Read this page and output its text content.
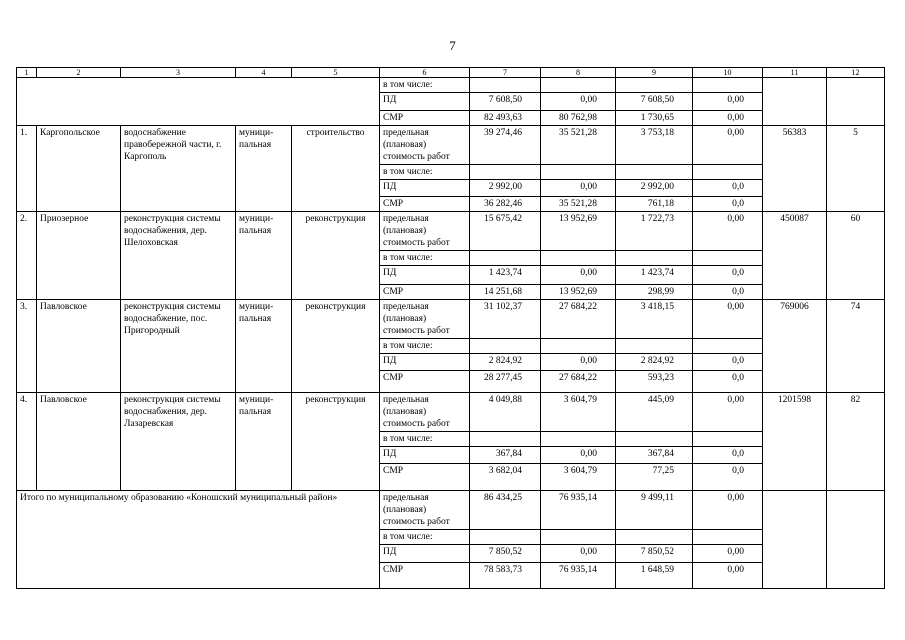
7
1	2	3	4	5	6	7	8	9	10	11	12
					в том числе:						
					ПД	7 608,50	0,00	7 608,50	0,00		
					СМР	82 493,63	80 762,98	1 730,65	0,00		
1.	Каргопольское	водоснабжение правобережной части, г. Каргополь	муници-пальная	строительство	предельная (плановая) стоимость работ	39 274,46	35 521,28	3 753,18	0,00	56383	5
					в том числе:						
					ПД	2 992,00	0,00	2 992,00	0,0		
					СМР	36 282,46	35 521,28	761,18	0,0		
2.	Приозерное	реконструкция системы водоснабжения, дер. Шелоховская	муници-пальная	реконструкция	предельная (плановая) стоимость работ	15 675,42	13 952,69	1 722,73	0,00	450087	60
					в том числе:						
					ПД	1 423,74	0,00	1 423,74	0,0		
					СМР	14 251,68	13 952,69	298,99	0,0		
3.	Павловское	реконструкция системы водоснабжение, пос. Пригородный	муници-пальная	реконструкция	предельная (плановая) стоимость работ	31 102,37	27 684,22	3 418,15	0,00	769006	74
					в том числе:						
					ПД	2 824,92	0,00	2 824,92	0,0		
					СМР	28 277,45	27 684,22	593,23	0,0		
4.	Павловское	реконструкция системы водоснабжения, дер. Лазаревская	муници-пальная	реконструкция	предельная (плановая) стоимость работ	4 049,88	3 604,79	445,09	0,00	1201598	82
					в том числе:						
					ПД	367,84	0,00	367,84	0,0		
					СМР	3 682,04	3 604,79	77,25	0,0		
Итого по муниципальному образованию «Коношский муниципальный район»					предельная (плановая) стоимость работ	86 434,25	76 935,14	9 499,11	0,00		
					в том числе:						
					ПД	7 850,52	0,00	7 850,52	0,00		
					СМР	78 583,73	76 935,14	1 648,59	0,00		
